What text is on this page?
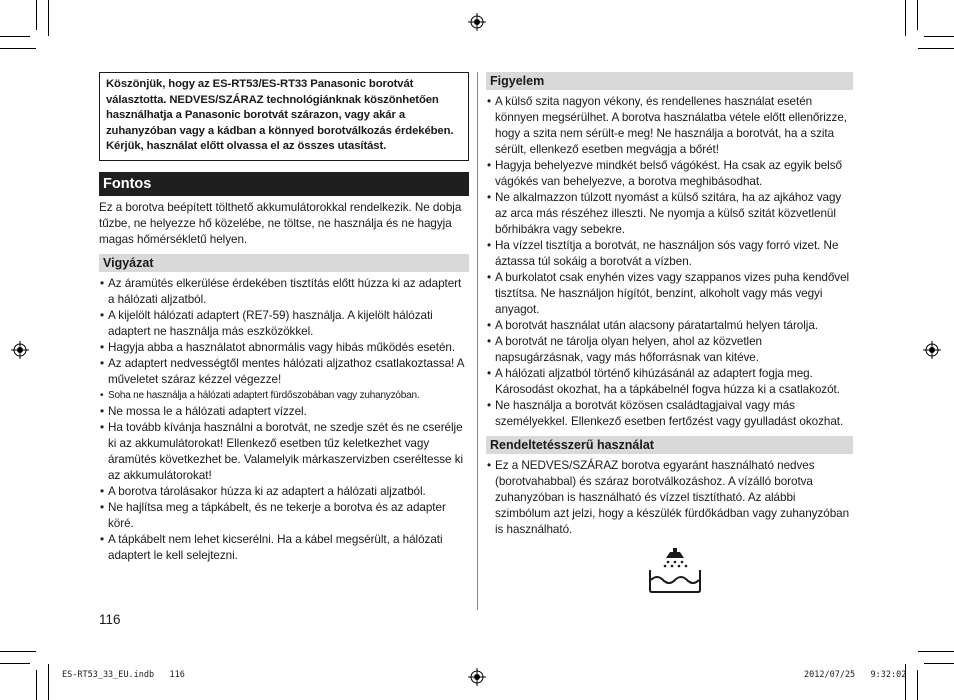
Köszönjük, hogy az ES-RT53/ES-RT33 Panasonic borotvát választotta. NEDVES/SZÁRAZ technológiánknak köszönhetően használhatja a Panasonic borotvát szárazon, vagy akár a zuhanyzóban vagy a kádban a könnyed borotválkozás érdekében. Kérjük, használat előtt olvassa el az összes utasítást.
Fontos
Ez a borotva beépített tölthető akkumulátorokkal rendelkezik. Ne dobja tűzbe, ne helyezze hő közelébe, ne töltse, ne használja és ne hagyja magas hőmérsékletű helyen.
Vigyázat
• Az áramütés elkerülése érdekében tisztítás előtt húzza ki az adaptert a hálózati aljzatból.
• A kijelölt hálózati adaptert (RE7-59) használja. A kijelölt hálózati adaptert ne használja más eszközökkel.
• Hagyja abba a használatot abnormális vagy hibás működés esetén.
• Az adaptert nedvességtől mentes hálózati aljzathoz csatlakoztassa! A műveletet száraz kézzel végezze!
• Soha ne használja a hálózati adaptert fürdőszobában vagy zuhanyzóban.
• Ne mossa le a hálózati adaptert vízzel.
• Ha tovább kívánja használni a borotvát, ne szedje szét és ne cserélje ki az akkumulátorokat! Ellenkező esetben tűz keletkezhet vagy áramütés következhet be. Valamelyik márkaszervizben cseréltesse ki az akkumulátorokat!
• A borotva tárolásakor húzza ki az adaptert a hálózati aljzatból.
• Ne hajlítsa meg a tápkábelt, és ne tekerje a borotva és az adapter köré.
• A tápkábelt nem lehet kicserélni. Ha a kábel megsérült, a hálózati adaptert le kell selejtezni.
Figyelem
• A külső szita nagyon vékony, és rendellenes használat esetén könnyen megsérülhet. A borotva használatba vétele előtt ellenőrizze, hogy a szita nem sérült-e meg! Ne használja a borotvát, ha a szita sérült, ellenkező esetben megvágja a bőrét!
• Hagyja behelyezve mindkét belső vágókést. Ha csak az egyik belső vágókés van behelyezve, a borotva meghibásodhat.
• Ne alkalmazzon túlzott nyomást a külső szitára, ha az ajkához vagy az arca más részéhez illeszti. Ne nyomja a külső szitát közvetlenül bőrhibákra vagy sebekre.
• Ha vízzel tisztítja a borotvát, ne használjon sós vagy forró vizet. Ne áztassa túl sokáig a borotvát a vízben.
• A burkolatot csak enyhén vizes vagy szappanos vizes puha kendővel tisztítsa. Ne használjon hígítót, benzint, alkoholt vagy más vegyi anyagot.
• A borotvát használat után alacsony páratartalmú helyen tárolja.
• A borotvát ne tárolja olyan helyen, ahol az közvetlen napsugárzásnak, vagy más hőforrásnak van kitéve.
• A hálózati aljzatból történő kihúzásánál az adaptert fogja meg. Károsodást okozhat, ha a tápkábelnél fogva húzza ki a csatlakozót.
• Ne használja a borotvát közösen családtagjaival vagy más személyekkel. Ellenkező esetben fertőzést vagy gyulladást okozhat.
Rendeltetésszerű használat
• Ez a NEDVES/SZÁRAZ borotva egyaránt használható nedves (borotvahabbal) és száraz borotválkozáshoz. A vízálló borotva zuhanyzóban is használható és vízzel tisztítható. Az alábbi szimbólum azt jelzi, hogy a készülék fürdőkádban vagy zuhanyzóban is használható.
116
ES-RT53_33_EU.indb   116	2012/07/25   9:32:02
